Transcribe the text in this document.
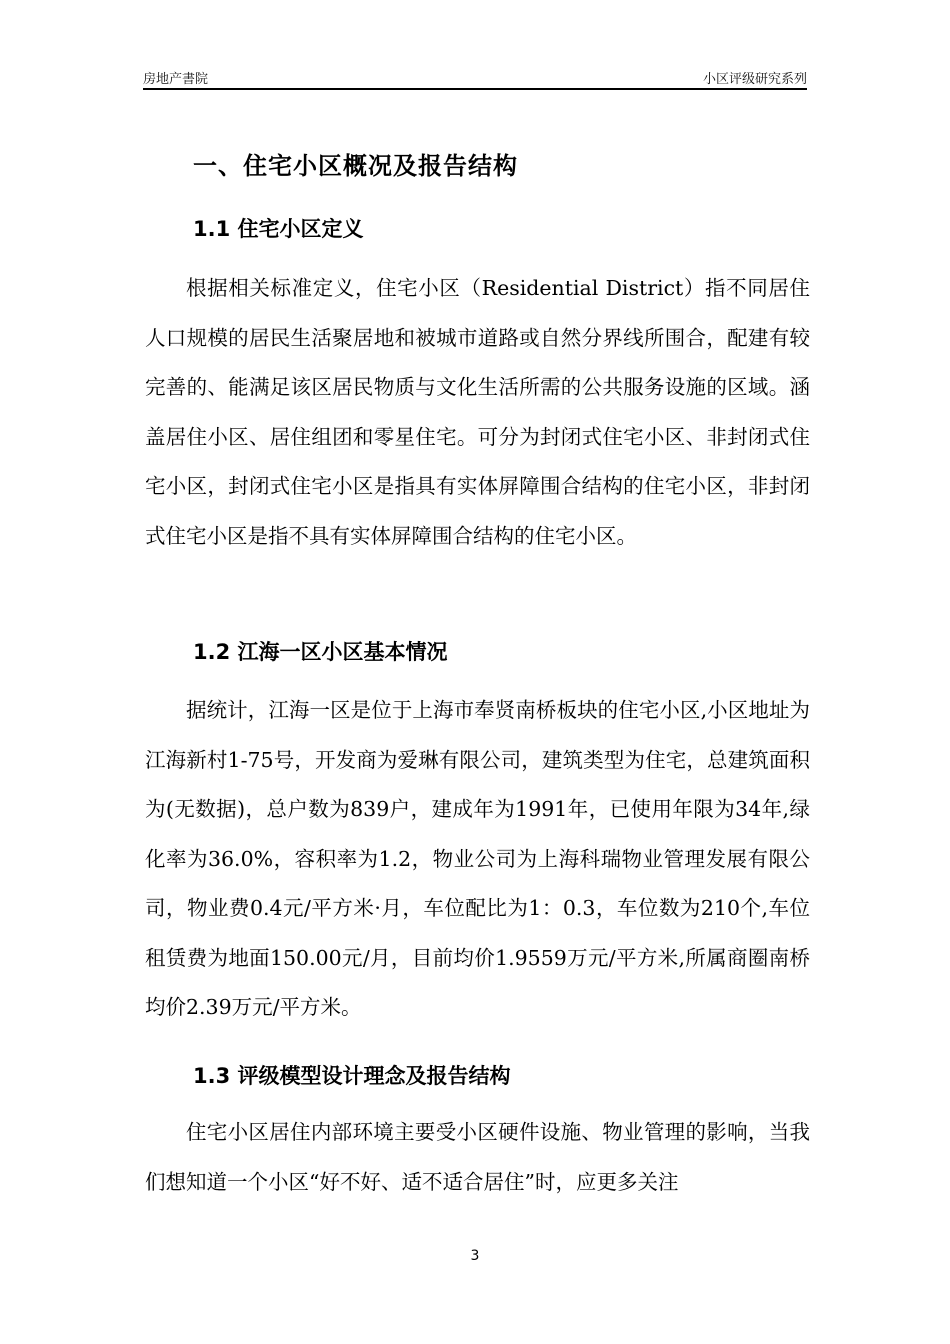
房地产書院	小区评级研究系列
一、住宅小区概况及报告结构
1.1 住宅小区定义

根据相关标准定义，住宅小区（Residential District）指不同居住人口规模的居民生活聚居地和被城市道路或自然分界线所围合，配建有较完善的、能满足该区居民物质与文化生活所需的公共服务设施的区域。涵盖居住小区、居住组团和零星住宅。可分为封闭式住宅小区、非封闭式住宅小区，封闭式住宅小区是指具有实体屏障围合结构的住宅小区，非封闭式住宅小区是指不具有实体屏障围合结构的住宅小区。

1.2 江海一区小区基本情况

据统计，江海一区是位于上海市奉贤南桥板块的住宅小区,小区地址为江海新村1-75号，开发商为爱琳有限公司，建筑类型为住宅，总建筑面积为(无数据)，总户数为839户，建成年为1991年，已使用年限为34年,绿化率为36.0%，容积率为1.2，物业公司为上海科瑞物业管理发展有限公司，物业费0.4元/平方米·月，车位配比为1：0.3，车位数为210个,车位租赁费为地面150.00元/月，目前均价1.9559万元/平方米,所属商圈南桥均价2.39万元/平方米。

1.3 评级模型设计理念及报告结构

住宅小区居住内部环境主要受小区硬件设施、物业管理的影响，当我们想知道一个小区“好不好、适不适合居住”时，应更多关注

3
